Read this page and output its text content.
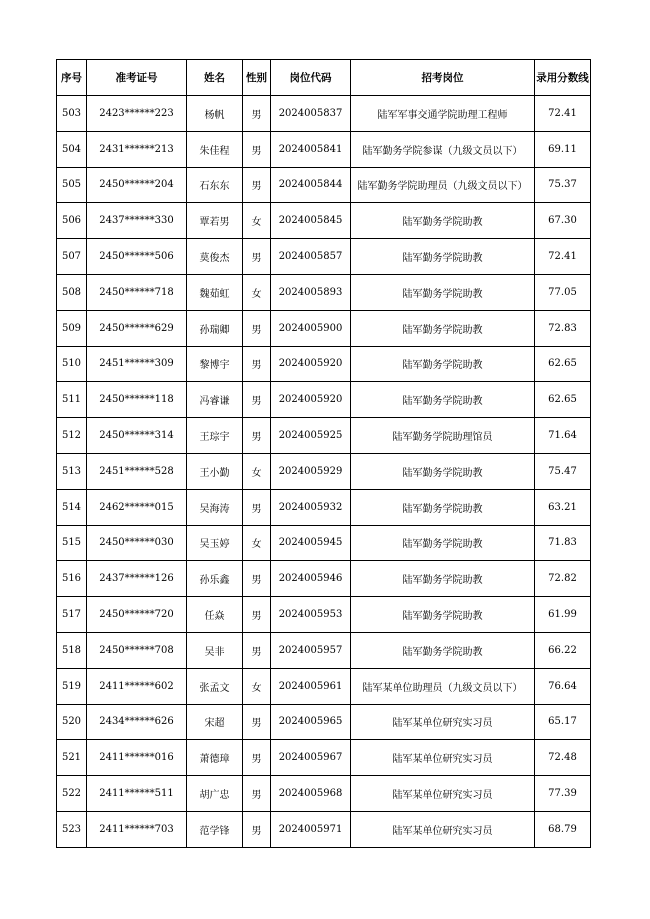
序号	准考证号	姓名	性别	岗位代码	招考岗位	录用分数线
503	2423******223	杨帆	男	2024005837	陆军军事交通学院助理工程师	72.41
504	2431******213	朱佳程	男	2024005841	陆军勤务学院参谋（九级文员以下）	69.11
505	2450******204	石东东	男	2024005844	陆军勤务学院助理员（九级文员以下）	75.37
506	2437******330	覃若男	女	2024005845	陆军勤务学院助教	67.30
507	2450******506	莫俊杰	男	2024005857	陆军勤务学院助教	72.41
508	2450******718	魏茹虹	女	2024005893	陆军勤务学院助教	77.05
509	2450******629	孙瑞卿	男	2024005900	陆军勤务学院助教	72.83
510	2451******309	黎博宇	男	2024005920	陆军勤务学院助教	62.65
511	2450******118	冯睿谦	男	2024005920	陆军勤务学院助教	62.65
512	2450******314	王琮宇	男	2024005925	陆军勤务学院助理馆员	71.64
513	2451******528	王小勤	女	2024005929	陆军勤务学院助教	75.47
514	2462******015	吴海涛	男	2024005932	陆军勤务学院助教	63.21
515	2450******030	吴玉婷	女	2024005945	陆军勤务学院助教	71.83
516	2437******126	孙乐鑫	男	2024005946	陆军勤务学院助教	72.82
517	2450******720	任焱	男	2024005953	陆军勤务学院助教	61.99
518	2450******708	吴非	男	2024005957	陆军勤务学院助教	66.22
519	2411******602	张孟文	女	2024005961	陆军某单位助理员（九级文员以下）	76.64
520	2434******626	宋超	男	2024005965	陆军某单位研究实习员	65.17
521	2411******016	萧德璋	男	2024005967	陆军某单位研究实习员	72.48
522	2411******511	胡广忠	男	2024005968	陆军某单位研究实习员	77.39
523	2411******703	范学锋	男	2024005971	陆军某单位研究实习员	68.79
